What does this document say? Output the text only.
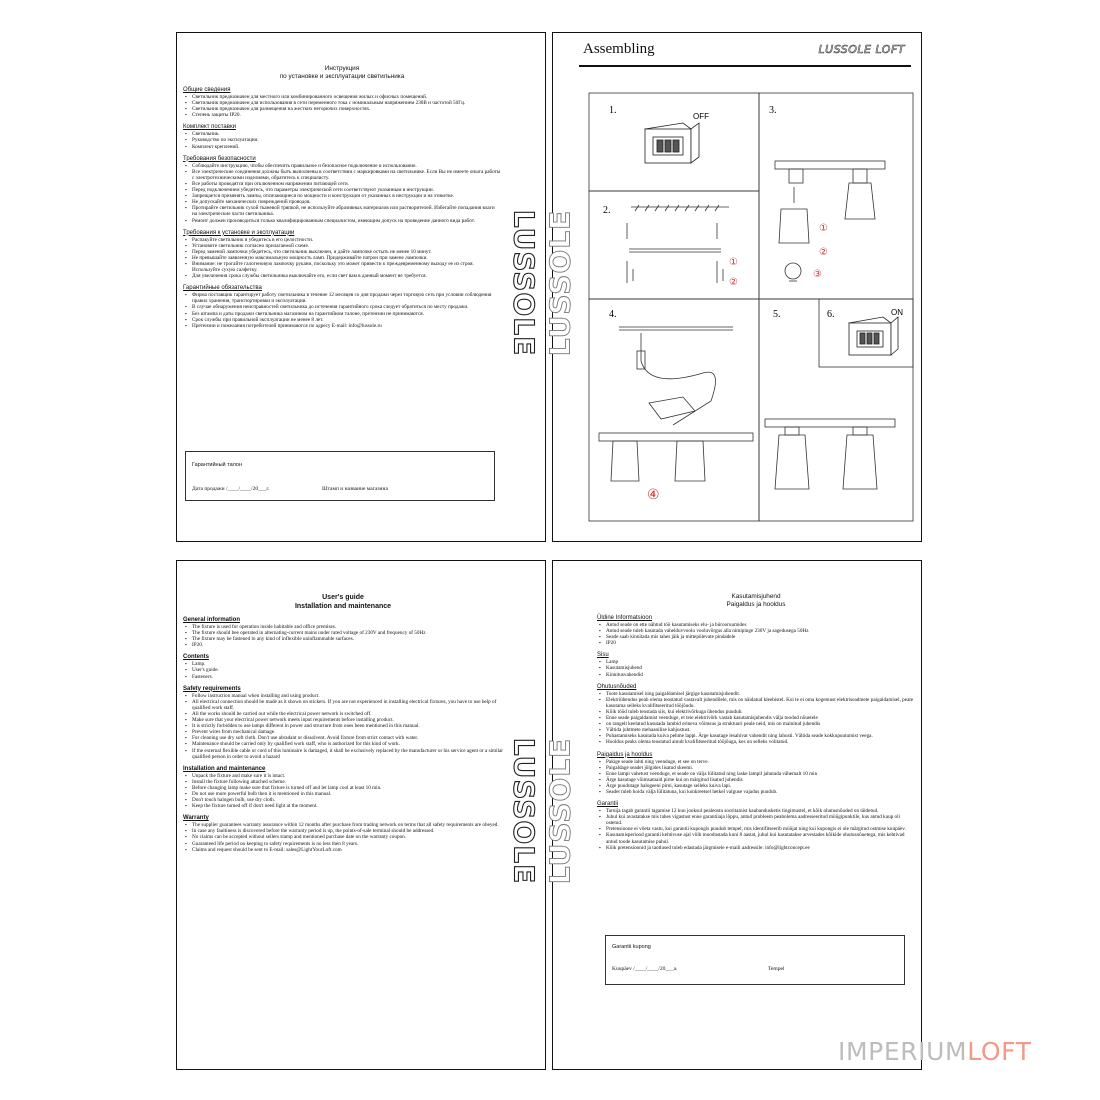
Инструкция
по установке и эксплуатации светильника
Общие сведения
▪ Светильник предназначен для местного или комбинированного освещения жилых и офисных помещений.
▪ Светильник предназначен для использования в сети переменного тока с номинальным напряжением 230В и частотой 50Гц.
▪ Светильник предназначен для размещения на жестких негорючих поверхностях.
▪ Степень защиты IP20.
Комплект поставки
▪ Светильник.
▪ Руководство по эксплуатации.
▪ Комплект креплений.
Требования безопасности
▪ Соблюдайте инструкцию, чтобы обеспечить правильное и безопасное подключение и использование.
▪ Все электрические соединения должны быть выполнены в соответствии с маркировками на светильнике. Если Вы не имеете опыта работы с электротехническими изделиями, обратитесь к специалисту.
▪ Все работы проводятся при отключенном напряжении питающей сети.
▪ Перед подключением убедитесь, что параметры электрической сети соответствуют указанным в инструкции.
▪ Запрещается применять лампы, отличающиеся по мощности и конструкции от указанных в инструкции и на этикетке.
▪ Не допускайте механических повреждений проводов.
▪ Протирайте светильник сухой тканевой тряпкой, не используйте абразивных материалов или растворителей. Избегайте попадания влаги на электрические части светильника.
▪ Ремонт должен производиться только квалифицированным специалистом, имеющим допуск на проведение данного вида работ.
Требования к установке и эксплуатации
▪ Распакуйте светильник и убедитесь в его целостности.
▪ Установите светильник согласно прилагаемой схеме.
▪ Перед заменой лампочки убедитесь, что светильник выключен, и дайте лампочке остыть не менее 10 минут.
▪ Не превышайте заявленную максимальную мощность ламп. Придерживайте патрон при замене лампочки.
▪ Внимание: не трогайте галогеновую лампочку рукани, поскольку это может привести к преждевременному выходу ее из строя. Используйте сухую салфетку.
▪ Для увеличения срока службы светильника выключайте его, если свет вам в данный момент не требуется.
Гарантийные обязательства
▪ Фирма поставщик гарантирует работу светильника в течение 12 месяцев со дня продажи через торговую сеть при условии соблюдения правил хранения, транспортировки и эксплуатации.
▪ В случае обнаружения неисправностей светильника до истечения гарантийного срока следует обратиться по месту продажи.
▪ Без штампа и даты продажи светильника магазином на гарантийном талоне, претензии не принимаются.
▪ Срок службы при правильной эксплуатации не менее 8 лет.
▪ Претензии и пожелания потребителей принимаются по адресу E-mail: info@lussole.ru
Гарантийный талон
Дата продажи /____/____/20___г.	Штамп и название магазина
LUSSOLE
Assembling	LUSSOLE LOFT
LUSSOLE
1.
2.
3.
4.	5.	6.
OFF
①
②
①
②
③
④
ON
User's guide
Installation and maintenance
General information
▪ The fixture is used for operation inside habitable and office premises.
▪ The fixture should bee operated in alternating-current mains under rated voltage of 230V and frequency of 50Hz
▪ The fixture may be fastened to any kind of inflexible uninflammable surfaces.
▪ IP20.
Contents
▪ Lamp.
▪ User's guide.
▪ Fasteners.
Safety requirements
▪ Follow instruction manual when installing and using product.
▪ All electrical connection should be made as it shown on stickers. If you are not experienced in installing electrical fixtures, you have to use help of qualified work staff.
▪ All the works should be carried out while the electrical power network is switched off.
▪ Make sure that your electrical power network meets input requirements before installing product.
▪ It is strictly forbidden to use lamps different in power and structure from ones been mentioned in this manual.
▪ Prevent wires from mechanical damage.
▪ For cleaning use dry soft cloth. Don't use abradant or dissolvent. Avoid fixture from strict contact with water.
▪ Maintenance should be carried only by qualified work staff, who is authorized for this kind of work.
▪ If the external flexible cable or cord of this luminaire is damaged, it shall be exclusively replaced by the manufacturer or his service agent or a similar qualified person in order to avoid a hazard
Installation and maintenance
▪ Unpack the fixture and make sure it is intact.
▪ Install the fixture following attached scheme.
▪ Before changing lamp make sure that fixture is turned off and let lamp cool at least 10 min.
▪ Do not use more powerful bulb then it is mentioned in this manual.
▪ Don't touch halogen bulb, use dry cloth.
▪ Keep the fixture turned off if don't need light at the moment.
Warranty
▪ The supplier guarantees warranty assurance within 12 months after purchase from trading network on terms that all safety requirements are obeyed.
▪ In case any faultiness is discovered before the warranty period is up, the points-of-sale terminal should be addressed.
▪ No claims can be accepted without sellers stamp and mentioned purchase date on the warranty coupon.
▪ Guaranteed life period on keeping to safety requirements is no less then 8 years.
▪ Claims and request should be sent to E-mail: sales@LightYourLoft.com	LUSSOLE LUSSOLE
Kasutamisjuhend
Paigaldus ja hooldus
Üldine Informatsioon
▪ Antud seade on ette nähtud töö kasutamiseks elu- ja bürooruumides
▪ Antud seade tuleb kasutada vahelduvvoolu vooluvõrgus alla nimipinge 230V ja sagedusega 50Hz
▪ Seade saab kinnitada mis tahes jäik ja mittepõlevate pindadele
▪ IP20
Sisu
▪ Lamp
▪ Kasutamisjuhend
▪ Kinnitusvahendid
Ohutusnõuded
▪ Toote kasutamisel ning paigaldamisel järgige kasutamisjuhendit.
▪ Elektriühendus peab olema teostatud vastavalt juhendilele, mis on näidatud kleebistel. Kui te ei oma kogemust elektriseadmete paigaldamisel, peate kasutama selleks kvalifitseeritud tööjõudu.
▪ Kõik tööd tuleb teostada siis, kui elektrivõrkuga ühendus puudub.
▪ Enne seade paigaldamist veenduge, et teie elektrivõrk vastab kasutamisjuhendis välja toodud nõuetele
▪ on rangelt keelatud kasutada lambid erineva võimsus ja struktuuri peale neid, mis on mainitud juhendis
▪ Vältida juhtmete mehaanilise kahjustust.
▪ Puhastamiseks kasutada kuiva pehme lappi. Ärge kasutage lesahivat vahendit ning lahusti. Vältida seade kokkupuutumist veega.
▪ Hooldus peaks olema teostatud ainult kvalifitseeritud tööjõuga, kes on selleks volitatud.
Paigaldus ja hooldus
▪ Pakige seade lahti ning veenduge, et see on terve.
▪ Paigaldage seadet jõlgides lisatud skeemi.
▪ Enne lampi vahetust veenduge, et seade on välja lülitatud ning laske lampil jahutada vähemalt 10 min
▪ Ärge kasutage võimsamaid pirne kui on märgitud lisatud juhendis
▪ Ärge puudutage halogeeni pirni, kasutage selleks kuiva lapi.
▪ Seadet tuleb hoida välja lülitatuna, kui konkreetsel hetkel valguse vajadus puudub.
Garantii
▪ Tarnija tagab garantii tagamise 12 kuu jooksul pealeostu sooritamist kaubandusketis tingimustel, et kõik ohutusnõuded on täidetud.
▪ Juhul kui avastatakse mis tahes vigastust enne garantiiaja lõppu, antud probleem peabolema aadresseeritud müügipunktile, kus antud kaup oli ostetud.
▪ Pretensioone ei võeta vastu, kui garantii kupongis puudub tempel, mis identifitseerib müüjat ning kui kupongis ei ole märgitud ostmise kuupäev.
▪ Kasutamisperiood garantii kehtivuse ajal võib moodustada kuni 8 aastat, juhul kui kasutatakse arvestades kõikide ohutusnõuetega, mis kehtivad antud toode kasutamise puhul.
▪ Kõik pretensioonid ja taotlused tuleb edastada järgmisele e-maili aadressile: info@lightconcept.ee
Garantii kupong
Kuupäev /____/____/20___a.	Tempel
IMPERIUMLOFT
